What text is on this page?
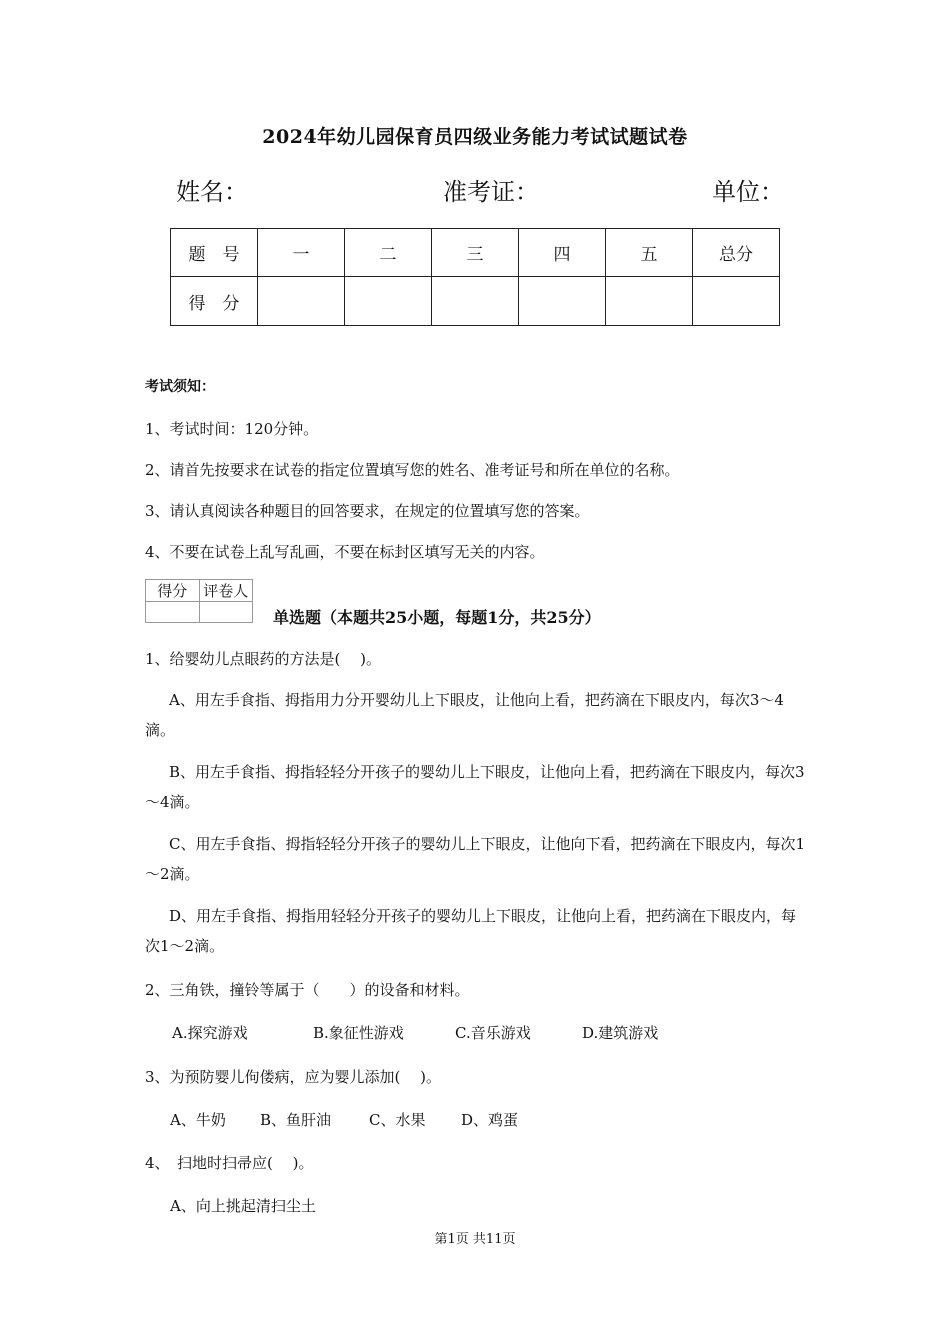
2024年幼儿园保育员四级业务能力考试试题试卷
姓名：	准考证：	单位：
题　号	一	二	三	四	五	总分
得　分						
考试须知：
1、考试时间：120分钟。
2、请首先按要求在试卷的指定位置填写您的姓名、准考证号和所在单位的名称。
3、请认真阅读各种题目的回答要求，在规定的位置填写您的答案。
4、不要在试卷上乱写乱画，不要在标封区填写无关的内容。
得分	评卷人

单选题（本题共25小题，每题1分，共25分）
1、给婴幼儿点眼药的方法是(　 )。
A、用左手食指、拇指用力分开婴幼儿上下眼皮，让他向上看，把药滴在下眼皮内，每次3～4滴。
B、用左手食指、拇指轻轻分开孩子的婴幼儿上下眼皮，让他向上看，把药滴在下眼皮内，每次3～4滴。
C、用左手食指、拇指轻轻分开孩子的婴幼儿上下眼皮，让他向下看，把药滴在下眼皮内，每次1～2滴。
D、用左手食指、拇指用轻轻分开孩子的婴幼儿上下眼皮，让他向上看，把药滴在下眼皮内，每次1～2滴。
2、三角铁，撞铃等属于（　　）的设备和材料。
A.探究游戏	B.象征性游戏	C.音乐游戏	D.建筑游戏
3、为预防婴儿佝偻病，应为婴儿添加(　 )。
A、牛奶 B、鱼肝油	C、水果 D、鸡蛋
4、　扫地时扫帚应(　 )。
A、向上挑起清扫尘土
第1页 共11页
